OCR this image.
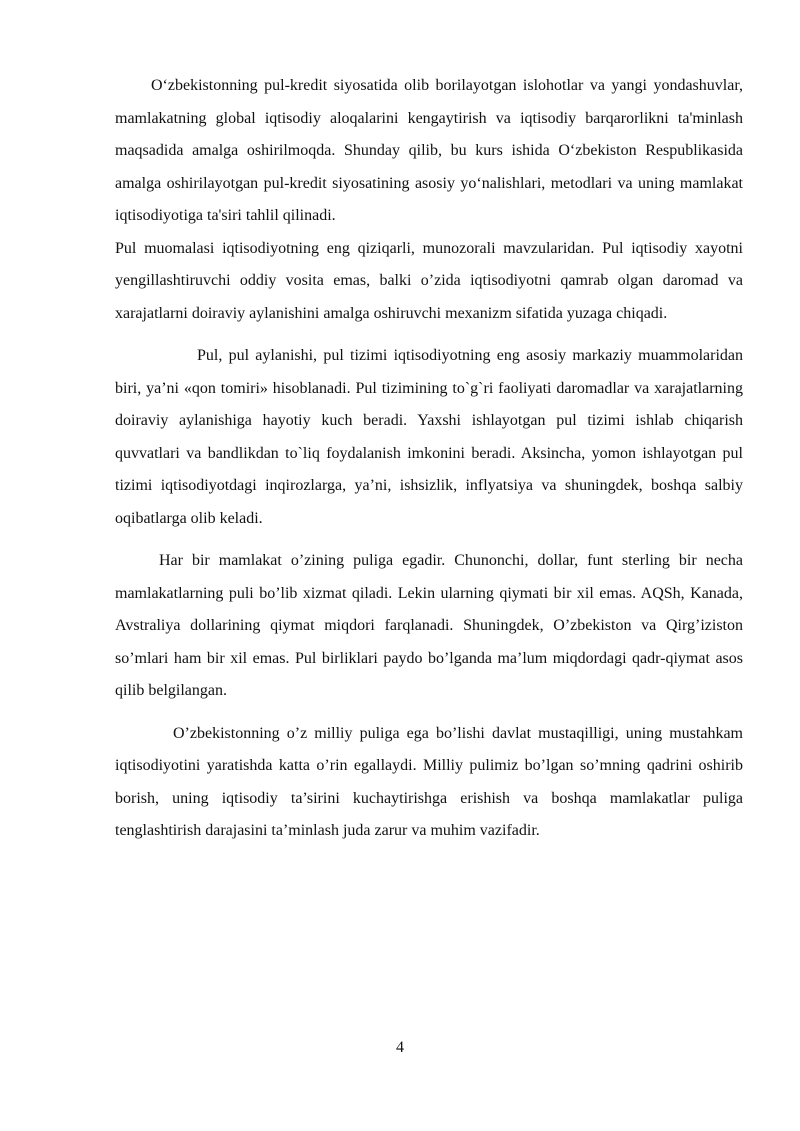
O‘zbekistonning pul-kredit siyosatida olib borilayotgan islohotlar va yangi yondashuvlar, mamlakatning global iqtisodiy aloqalarini kengaytirish va iqtisodiy barqarorlikni ta'minlash maqsadida amalga oshirilmoqda. Shunday qilib, bu kurs ishida O‘zbekiston Respublikasida amalga oshirilayotgan pul-kredit siyosatining asosiy yo‘nalishlari, metodlari va uning mamlakat iqtisodiyotiga ta'siri tahlil qilinadi.

Pul muomalasi iqtisodiyotning eng qiziqarli, munozorali mavzularidan. Pul iqtisodiy xayotni yengillashtiruvchi oddiy vosita emas, balki o’zida iqtisodiyotni qamrab olgan daromad va xarajatlarni doiraviy aylanishini amalga oshiruvchi mexanizm sifatida yuzaga chiqadi.

Pul, pul aylanishi, pul tizimi iqtisodiyotning eng asosiy markaziy muammolaridan biri, ya’ni «qon tomiri» hisoblanadi. Pul tizimining to`g`ri faoliyati daromadlar va xarajatlarning doiraviy aylanishiga hayotiy kuch beradi. Yaxshi ishlayotgan pul tizimi ishlab chiqarish quvvatlari va bandlikdan to`liq foydalanish imkonini beradi. Aksincha, yomon ishlayotgan pul tizimi iqtisodiyotdagi inqirozlarga, ya’ni, ishsizlik, inflyatsiya va shuningdek, boshqa salbiy oqibatlarga olib keladi.

Har bir mamlakat o’zining puliga egadir. Chunonchi, dollar, funt sterling bir necha mamlakatlarning puli bo’lib xizmat qiladi. Lekin ularning qiymati bir xil emas. AQSh, Kanada, Avstraliya dollarining qiymat miqdori farqlanadi. Shuningdek, O’zbekiston va Qirg’iziston so’mlari ham bir xil emas. Pul birliklari paydo bo’lganda ma’lum miqdordagi qadr-qiymat asos qilib belgilangan.

O’zbekistonning o’z milliy puliga ega bo’lishi davlat mustaqilligi, uning mustahkam iqtisodiyotini yaratishda katta o’rin egallaydi. Milliy pulimiz bo’lgan so’mning qadrini oshirib borish, uning iqtisodiy ta’sirini kuchaytirishga erishish va boshqa mamlakatlar puliga tenglashtirish darajasini ta’minlash juda zarur va muhim vazifadir.

4
